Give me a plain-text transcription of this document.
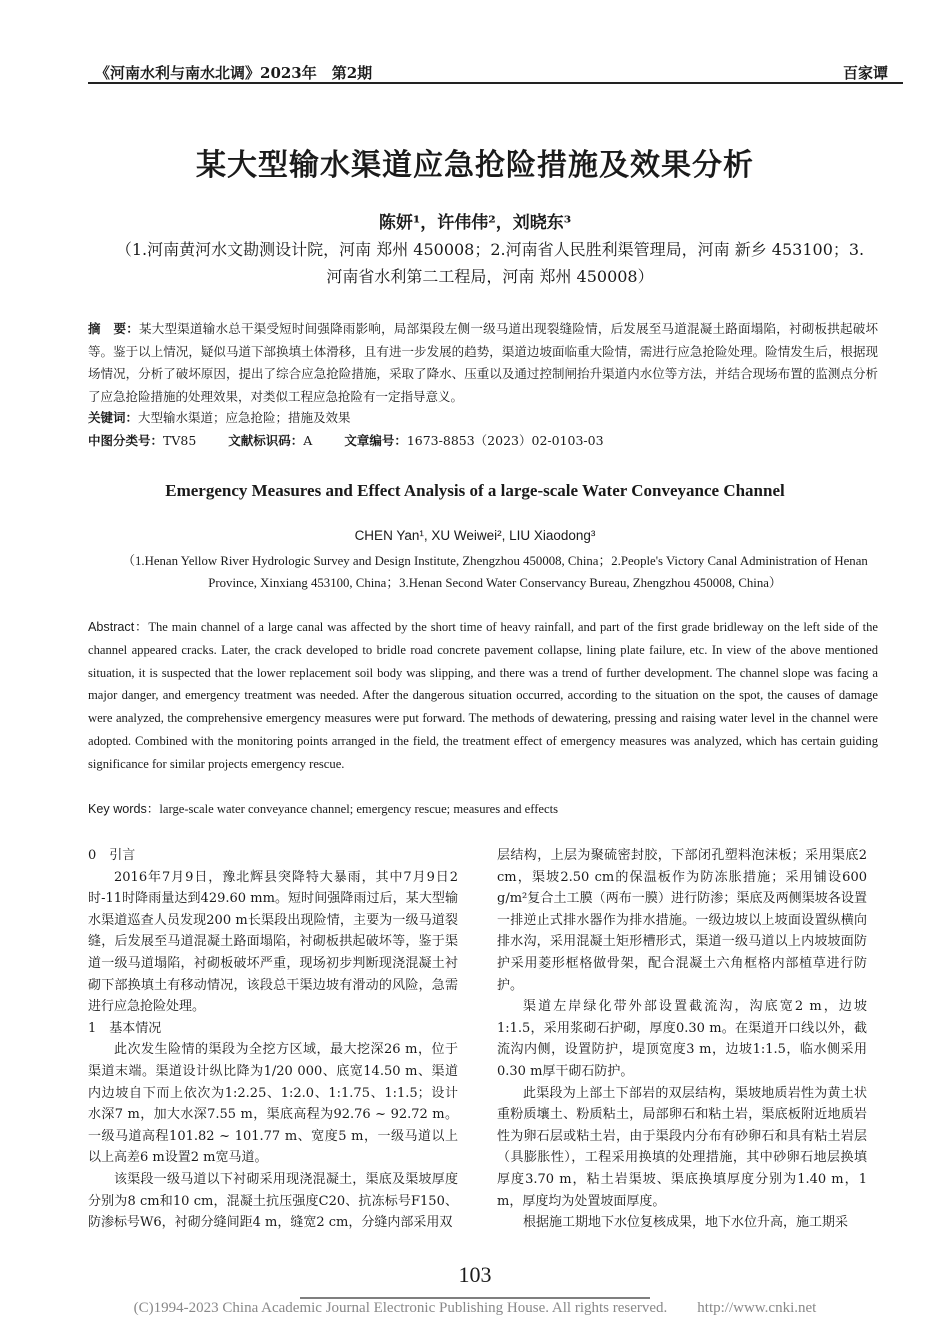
《河南水利与南水北调》2023年　第2期	百家谭
某大型输水渠道应急抢险措施及效果分析
陈妍¹，许伟伟²，刘晓东³
（1.河南黄河水文勘测设计院，河南 郑州 450008；2.河南省人民胜利渠管理局，河南 新乡 453100；3.河南省水利第二工程局，河南 郑州 450008）
摘　要：某大型渠道输水总干渠受短时间强降雨影响，局部渠段左侧一级马道出现裂缝险情，后发展至马道混凝土路面塌陷，衬砌板拱起破坏等。鉴于以上情况，疑似马道下部换填土体滑移，且有进一步发展的趋势，渠道边坡面临重大险情，需进行应急抢险处理。险情发生后，根据现场情况，分析了破坏原因，提出了综合应急抢险措施，采取了降水、压重以及通过控制闸抬升渠道内水位等方法，并结合现场布置的监测点分析了应急抢险措施的处理效果，对类似工程应急抢险有一定指导意义。
关键词：大型输水渠道；应急抢险；措施及效果
中图分类号：TV85	文献标识码：A	文章编号：1673-8853（2023）02-0103-03
Emergency Measures and Effect Analysis of a large-scale Water Conveyance Channel
CHEN Yan¹, XU Weiwei², LIU Xiaodong³
（1.Henan Yellow River Hydrologic Survey and Design Institute, Zhengzhou 450008, China；2.People's Victory Canal Administration of Henan Province, Xinxiang 453100, China；3.Henan Second Water Conservancy Bureau, Zhengzhou 450008, China）
Abstract：The main channel of a large canal was affected by the short time of heavy rainfall, and part of the first grade bridleway on the left side of the channel appeared cracks. Later, the crack developed to bridle road concrete pavement collapse, lining plate failure, etc. In view of the above mentioned situation, it is suspected that the lower replacement soil body was slipping, and there was a trend of further development. The channel slope was facing a major danger, and emergency treatment was needed. After the dangerous situation occurred, according to the situation on the spot, the causes of damage were analyzed, the comprehensive emergency measures were put forward. The methods of dewatering, pressing and raising water level in the channel were adopted. Combined with the monitoring points arranged in the field, the treatment effect of emergency measures was analyzed, which has certain guiding significance for similar projects emergency rescue.
Key words：large-scale water conveyance channel; emergency rescue; measures and effects
0　引言

2016年7月9日，豫北辉县突降特大暴雨，其中7月9日2时-11时降雨量达到429.60 mm。短时间强降雨过后，某大型输水渠道巡查人员发现200 m长渠段出现险情，主要为一级马道裂缝，后发展至马道混凝土路面塌陷，衬砌板拱起破坏等，鉴于渠道一级马道塌陷，衬砌板破坏严重，现场初步判断现浇混凝土衬砌下部换填土有移动情况，该段总干渠边坡有滑动的风险，急需进行应急抢险处理。

1　基本情况

此次发生险情的渠段为全挖方区域，最大挖深26 m，位于渠道末端。渠道设计纵比降为1/20 000、底宽14.50 m、渠道内边坡自下而上依次为1:2.25、1:2.0、1:1.75、1:1.5；设计水深7 m，加大水深7.55 m，渠底高程为92.76 ~ 92.72 m。一级马道高程101.82 ~ 101.77 m、宽度5 m，一级马道以上以上高差6 m设置2 m宽马道。

该渠段一级马道以下衬砌采用现浇混凝土，渠底及渠坡厚度分别为8 cm和10 cm，混凝土抗压强度C20、抗冻标号F150、防渗标号W6，衬砌分缝间距4 m，缝宽2 cm，分缝内部采用双

层结构，上层为聚硫密封胶，下部闭孔塑料泡沫板；采用渠底2 cm，渠坡2.50 cm的保温板作为防冻胀措施；采用铺设600 g/m²复合土工膜（两布一膜）进行防渗；渠底及两侧渠坡各设置一排逆止式排水器作为排水措施。一级边坡以上坡面设置纵横向排水沟，采用混凝土矩形槽形式，渠道一级马道以上内坡坡面防护采用菱形框格做骨架，配合混凝土六角框格内部植草进行防护。

渠道左岸绿化带外部设置截流沟，沟底宽2 m，边坡1:1.5，采用浆砌石护砌，厚度0.30 m。在渠道开口线以外，截流沟内侧，设置防护，堤顶宽度3 m，边坡1:1.5，临水侧采用0.30 m厚干砌石防护。

此渠段为上部土下部岩的双层结构，渠坡地质岩性为黄土状重粉质壤土、粉质粘土，局部卵石和粘土岩，渠底板附近地质岩性为卵石层或粘土岩，由于渠段内分布有砂卵石和具有粘土岩层（具膨胀性），工程采用换填的处理措施，其中砂卵石地层换填厚度3.70 m，粘土岩渠坡、渠底换填厚度分别为1.40 m，1 m，厚度均为处置坡面厚度。

根据施工期地下水位复核成果，地下水位升高，施工期采

103
(C)1994-2023 China Academic Journal Electronic Publishing House. All rights reserved.　　http://www.cnki.net
